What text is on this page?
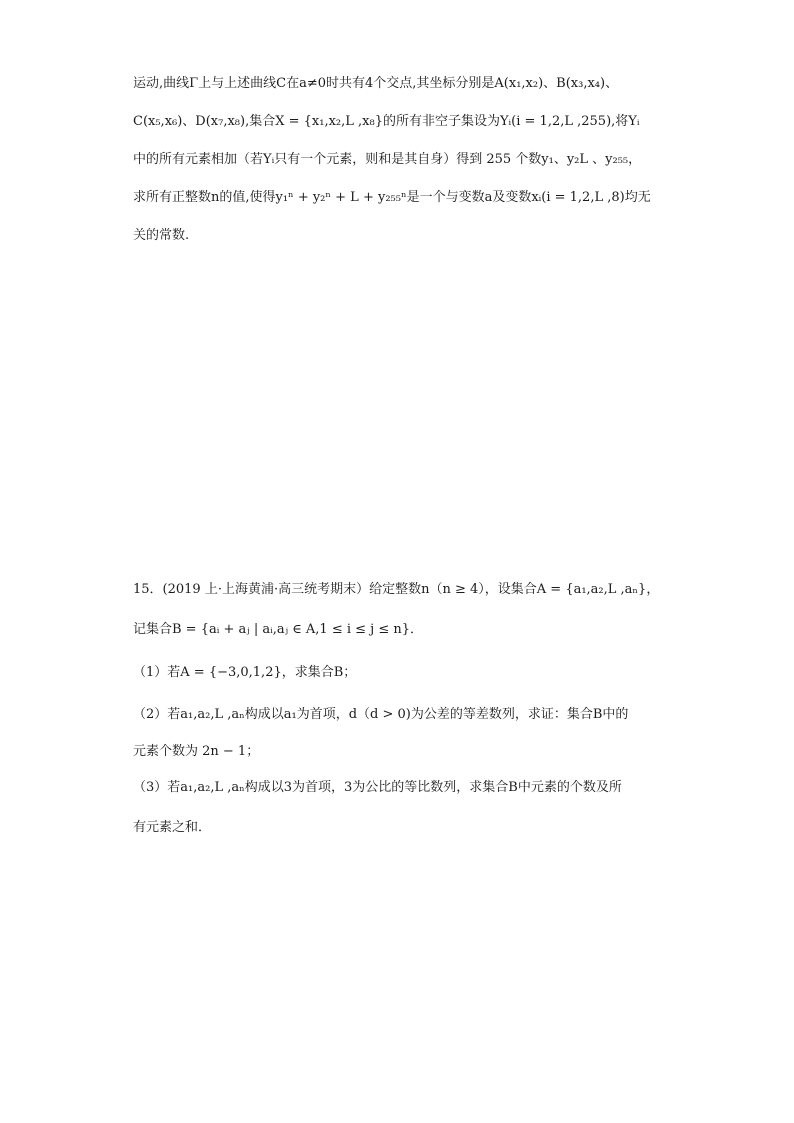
运动,曲线Γ上与上述曲线C在a≠0时共有4个交点,其坐标分别是A(x₁,x₂)、B(x₃,x₄)、
C(x₅,x₆)、D(x₇,x₈),集合X = {x₁,x₂,L ,x₈}的所有非空子集设为Yᵢ(i = 1,2,L ,255),将Yᵢ
中的所有元素相加（若Yᵢ只有一个元素，则和是其自身）得到 255 个数y₁、y₂L 、y₂₅₅，
求所有正整数n的值,使得y₁ⁿ + y₂ⁿ + L + y₂₅₅ⁿ是一个与变数a及变数xᵢ(i = 1,2,L ,8)均无
关的常数.
15．(2019 上·上海黄浦·高三统考期末）给定整数n（n ≥ 4），设集合A = {a₁,a₂,L ,aₙ}，
记集合B = {aᵢ + aⱼ | aᵢ,aⱼ ∈ A,1 ≤ i ≤ j ≤ n}．
（1）若A = {−3,0,1,2}，求集合B；
（2）若a₁,a₂,L ,aₙ构成以a₁为首项，d（d > 0)为公差的等差数列，求证：集合B中的
元素个数为 2n − 1；
（3）若a₁,a₂,L ,aₙ构成以3为首项，3为公比的等比数列，求集合B中元素的个数及所
有元素之和．
